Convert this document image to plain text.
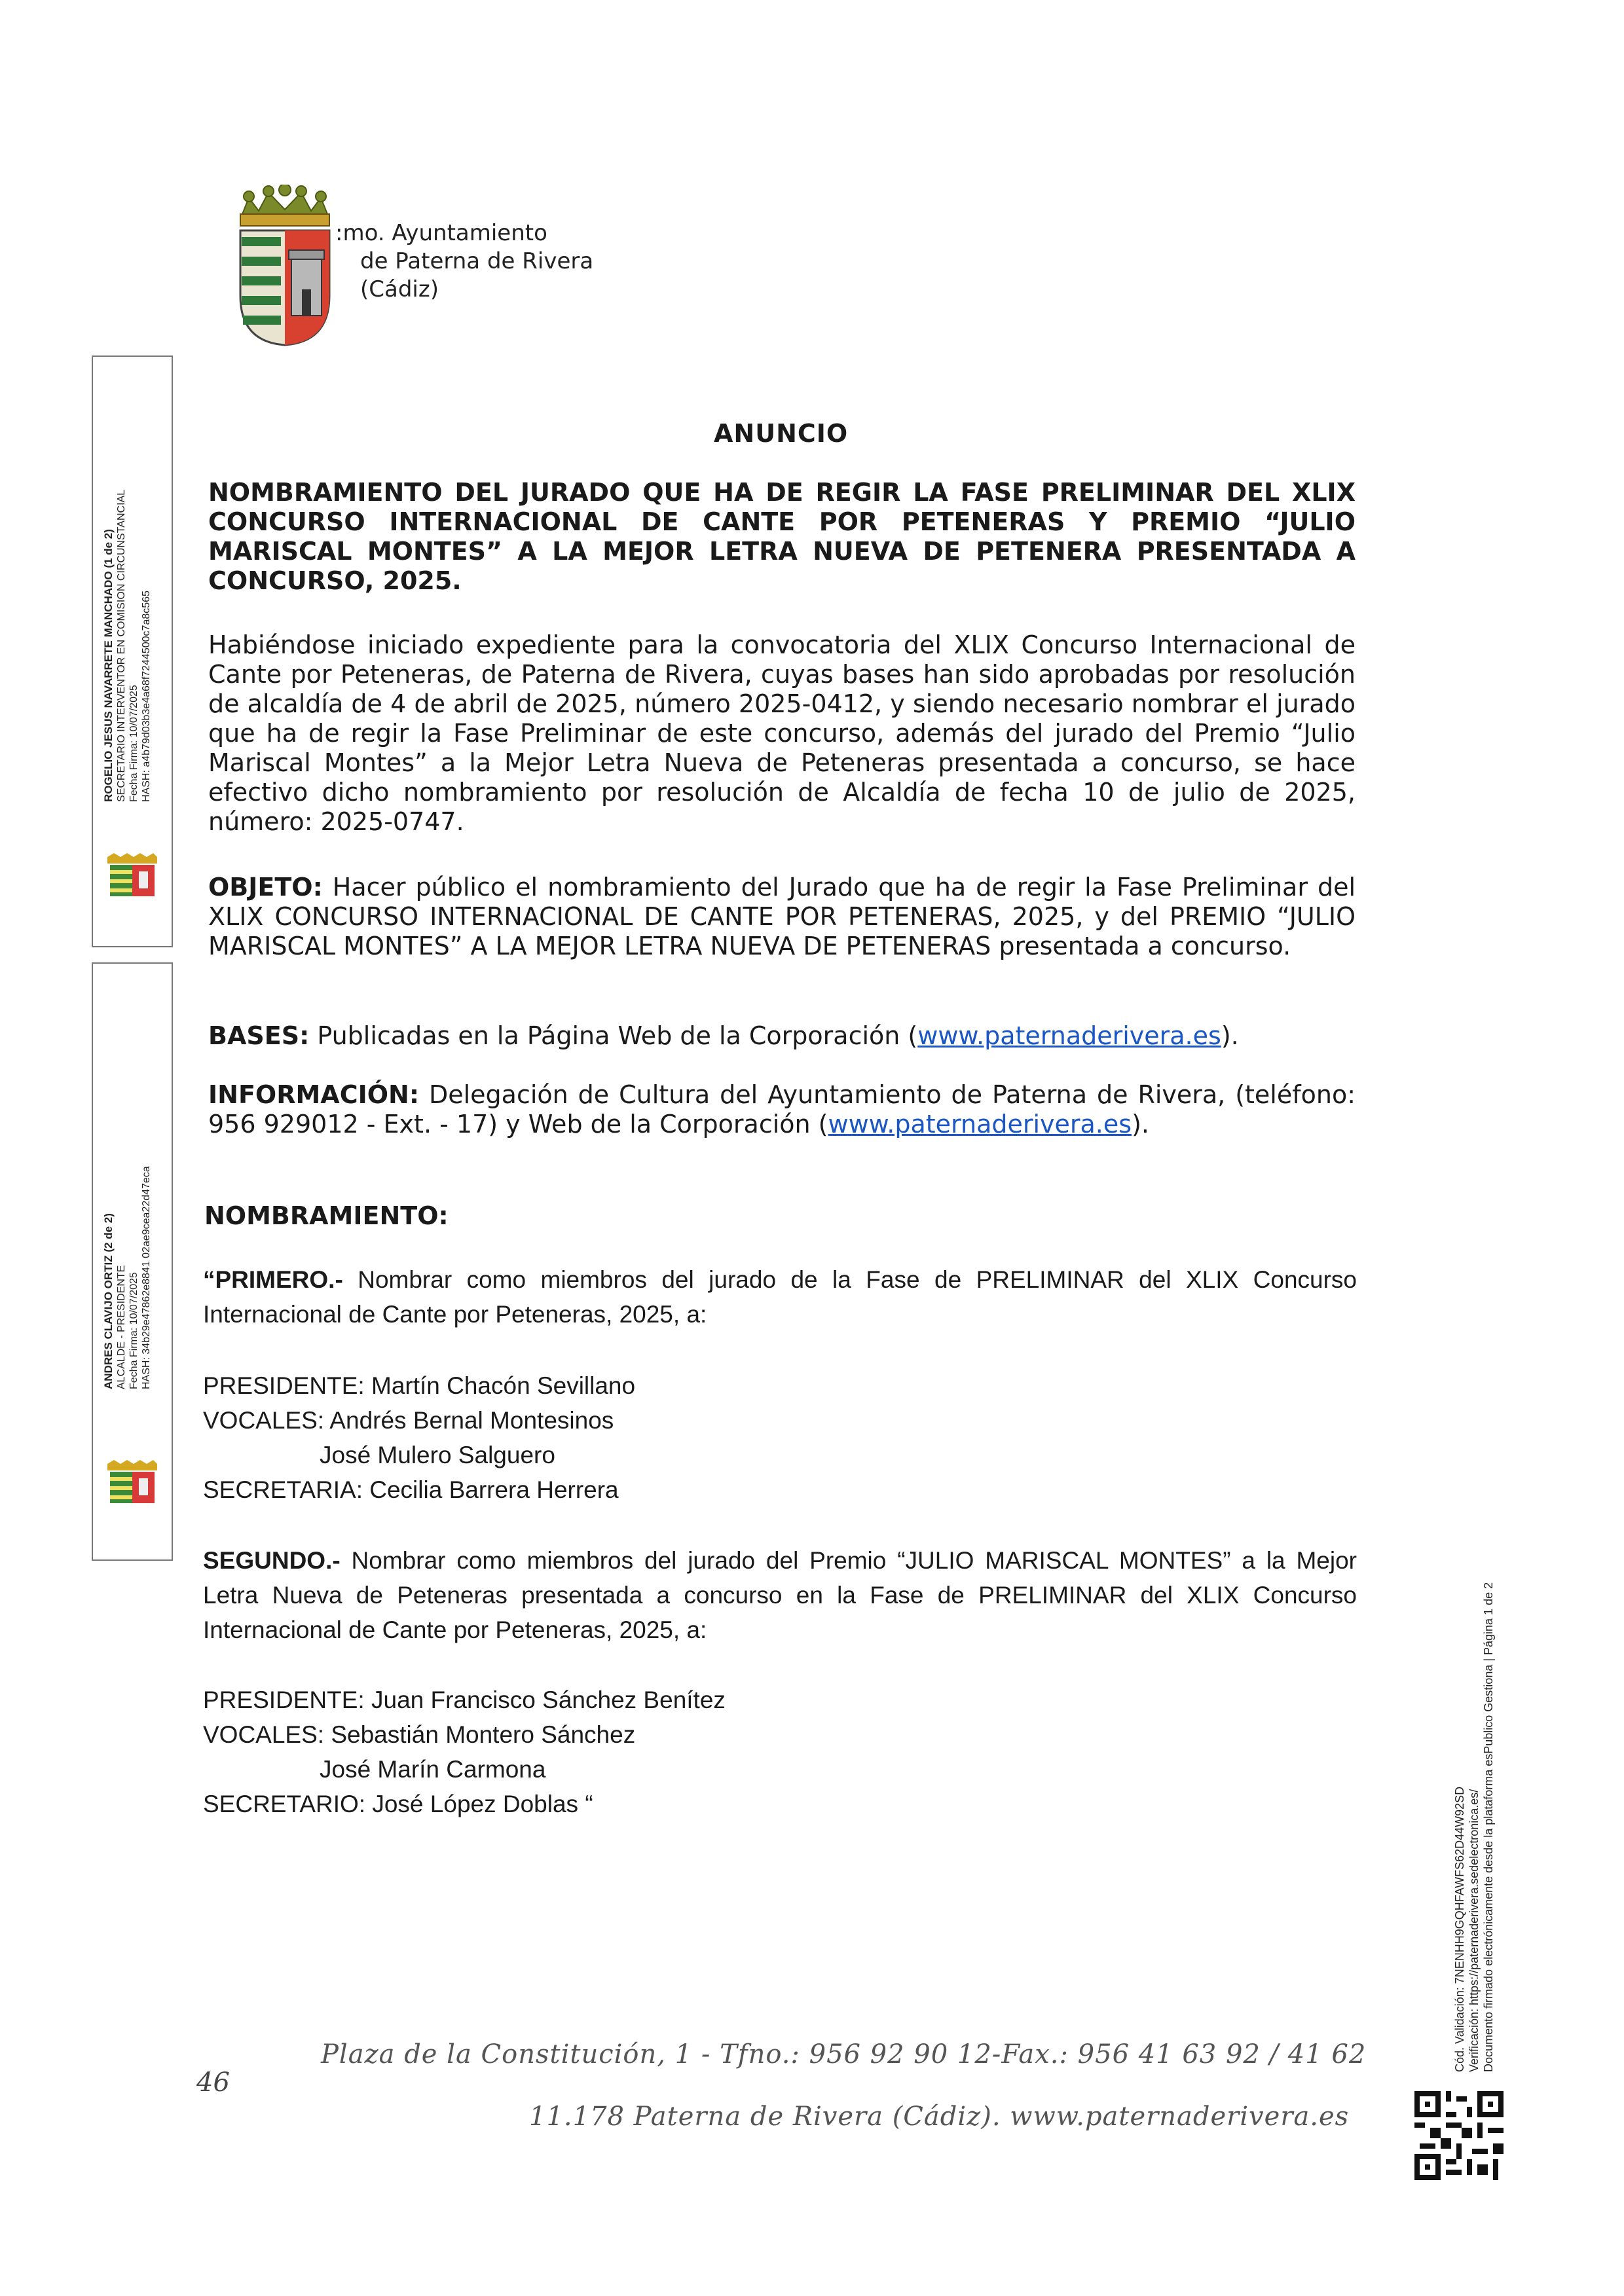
:mo. Ayuntamiento
de Paterna de Rivera
(Cádiz)
ANUNCIO
NOMBRAMIENTO DEL JURADO QUE HA DE REGIR LA FASE PRELIMINAR DEL XLIX CONCURSO INTERNACIONAL DE CANTE POR PETENERAS Y PREMIO “JULIO MARISCAL MONTES” A LA MEJOR LETRA NUEVA DE PETENERA PRESENTADA A CONCURSO, 2025.
Habiéndose iniciado expediente para la convocatoria del XLIX Concurso Internacional de Cante por Peteneras, de Paterna de Rivera, cuyas bases han sido aprobadas por resolución de alcaldía de 4 de abril de 2025, número 2025-0412, y siendo necesario nombrar el jurado que ha de regir la Fase Preliminar de este concurso, además del jurado del Premio “Julio Mariscal Montes” a la Mejor Letra Nueva de Peteneras presentada a concurso, se hace efectivo dicho nombramiento por resolución de Alcaldía de fecha 10 de julio de 2025, número: 2025-0747.
OBJETO: Hacer público el nombramiento del Jurado que ha de regir la Fase Preliminar del XLIX CONCURSO INTERNACIONAL DE CANTE POR PETENERAS, 2025, y del PREMIO “JULIO MARISCAL MONTES” A LA MEJOR LETRA NUEVA DE PETENERAS presentada a concurso.
BASES: Publicadas en la Página Web de la Corporación (www.paternaderivera.es).
INFORMACIÓN: Delegación de Cultura del Ayuntamiento de Paterna de Rivera, (teléfono: 956 929012 - Ext. - 17) y Web de la Corporación (www.paternaderivera.es).
NOMBRAMIENTO:
“PRIMERO.- Nombrar como miembros del jurado de la Fase de PRELIMINAR del XLIX Concurso Internacional de Cante por Peteneras, 2025, a:
PRESIDENTE: Martín Chacón Sevillano
VOCALES: Andrés Bernal Montesinos
José Mulero Salguero
SECRETARIA: Cecilia Barrera Herrera
SEGUNDO.- Nombrar como miembros del jurado del Premio “JULIO MARISCAL MONTES” a la Mejor Letra Nueva de Peteneras presentada a concurso en la Fase de PRELIMINAR del XLIX Concurso Internacional de Cante por Peteneras, 2025, a:
PRESIDENTE: Juan Francisco Sánchez Benítez
VOCALES: Sebastián Montero Sánchez
José Marín Carmona
SECRETARIO: José López Doblas “
Plaza de la Constitución, 1 - Tfno.: 956 92 90 12-Fax.: 956 41 63 92 / 41 62
46
11.178 Paterna de Rivera (Cádiz). www.paternaderivera.es
ROGELIO JESUS NAVARRETE MANCHADO (1 de 2) SECRETARIO INTERVENTOR EN COMISION CIRCUNSTANCIAL Fecha Firma: 10/07/2025 HASH: a4b79d03b3e4a68f7244500c7a8c565
ANDRES CLAVIJO ORTIZ (2 de 2) ALCALDE - PRESIDENTE Fecha Firma: 10/07/2025 HASH: 34b29e47862e8841 02ae9cea22d47eca
Cód. Validación: 7NENHH9GQHFAWFS62D44W92SD Verificación: https://paternaderivera.sedelectronica.es/ Documento firmado electrónicamente desde la plataforma esPublico Gestiona | Página 1 de 2
